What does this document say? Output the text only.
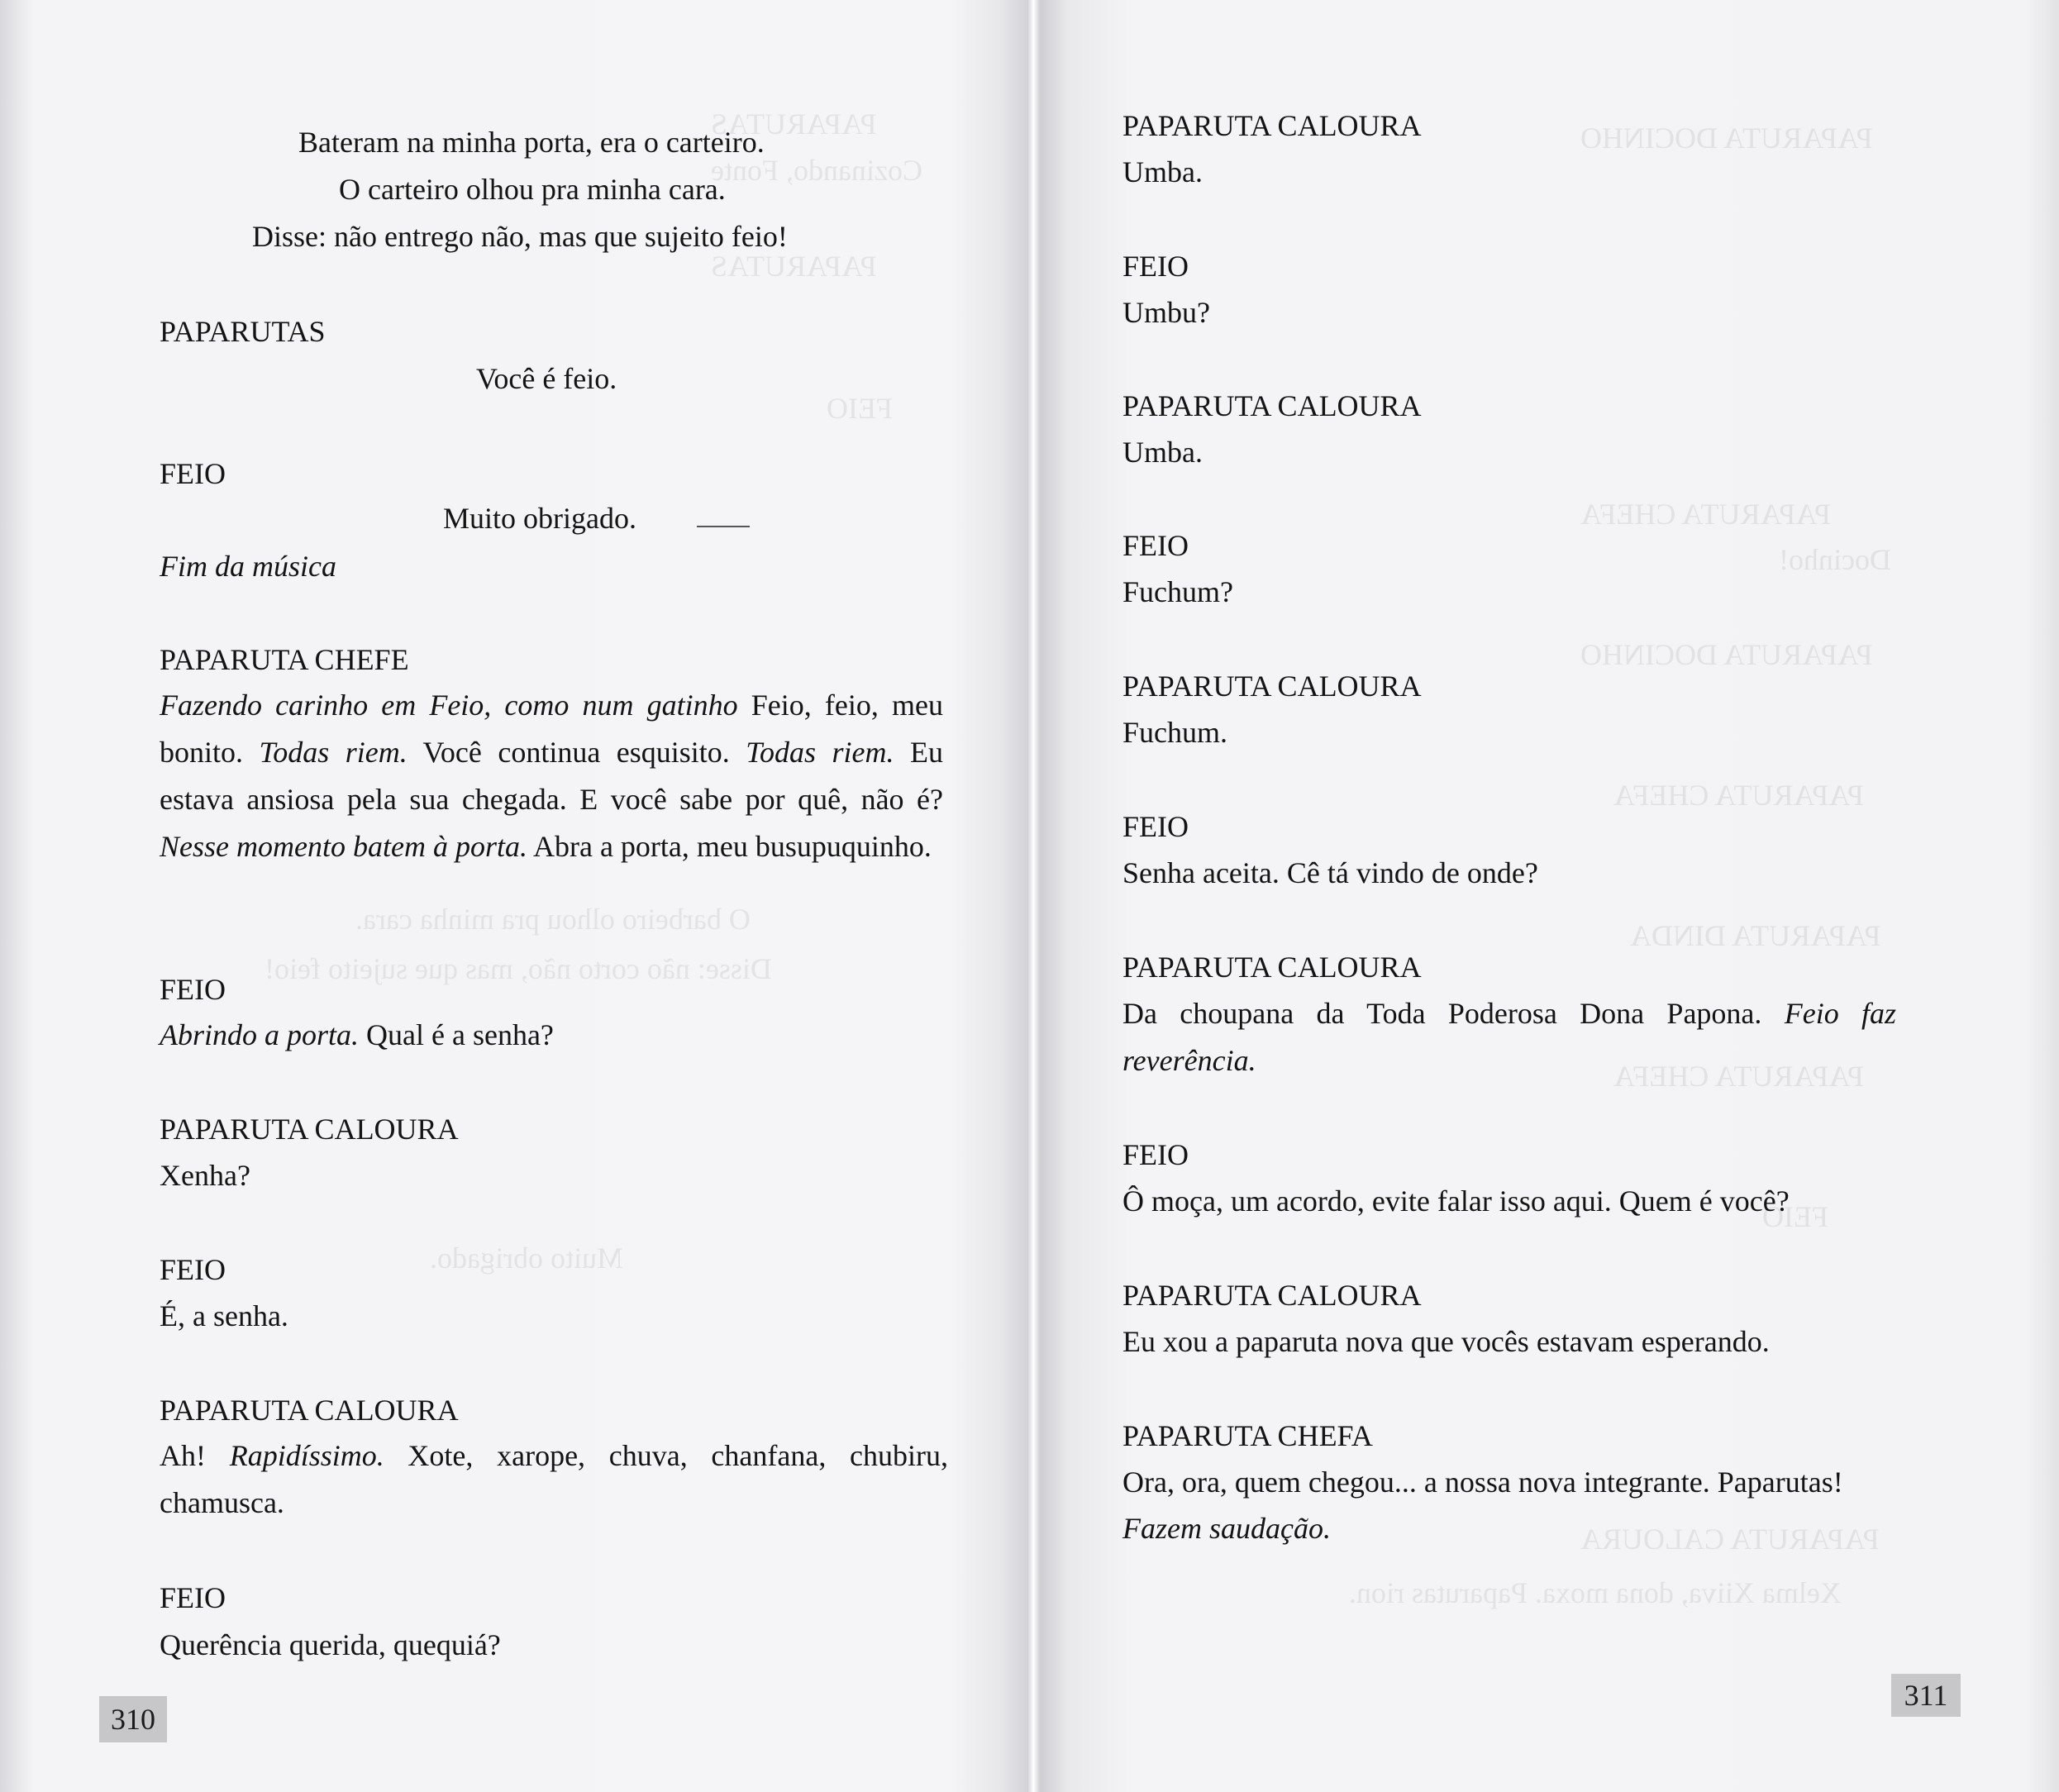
PAPARUTAS
Cozinando, Fonte
PAPARUTAS
FEIO
Muito obrigado.
O barbeiro olhou pra minha cara.
Disse: não corto não, mas que sujeito feio!

Bateram na minha porta, era o carteiro.

O carteiro olhou pra minha cara.

Disse: não entrego não, mas que sujeito feio!

PAPARUTAS

Você é feio.

FEIO

Muito obrigado.

Fim da música

PAPARUTA CHEFE

Fazendo carinho em Feio, como num gatinho Feio, feio, meu bonito. Todas riem. Você continua esquisito. Todas riem. Eu estava ansiosa pela sua chegada. E você sabe por quê, não é? Nesse momento batem à porta. Abra a porta, meu busupuquinho.

FEIO

Abrindo a porta. Qual é a senha?

PAPARUTA CALOURA

Xenha?

FEIO

É, a senha.

PAPARUTA CALOURA

Ah! Rapidíssimo. Xote, xarope, chuva, chanfana, chubiru, chamusca.

FEIO

Querência querida, quequiá?

310
PAPARUTA DOCINHO
PAPARUTA CHEFA
Docinho!
PAPARUTA DOCINHO
PAPARUTA CHEFA
PAPARUTA DINDA
PAPARUTA CHEFA
FEIO
PAPARUTA CALOURA
Xelma Xiiva, dona moxa. Paparutas rion.

PAPARUTA CALOURA

Umba.

FEIO

Umbu?

PAPARUTA CALOURA

Umba.

FEIO

Fuchum?

PAPARUTA CALOURA

Fuchum.

FEIO

Senha aceita. Cê tá vindo de onde?

PAPARUTA CALOURA

Da choupana da Toda Poderosa Dona Papona. Feio faz reverência.

FEIO

Ô moça, um acordo, evite falar isso aqui. Quem é você?

PAPARUTA CALOURA

Eu xou a paparuta nova que vocês estavam esperando.

PAPARUTA CHEFA

Ora, ora, quem chegou... a nossa nova integrante. Paparutas!

Fazem saudação.

311
